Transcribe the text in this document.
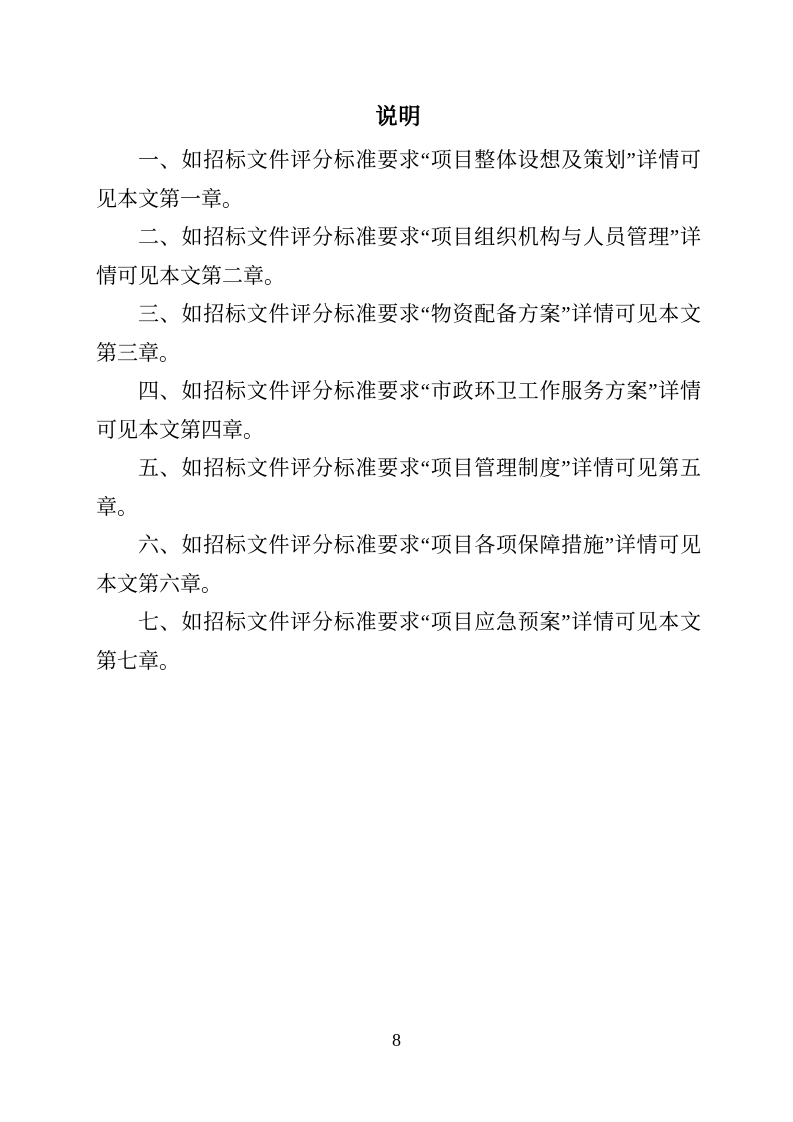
说明

一、如招标文件评分标准要求“项目整体设想及策划”详情可见本文第一章。

二、如招标文件评分标准要求“项目组织机构与人员管理”详情可见本文第二章。

三、如招标文件评分标准要求“物资配备方案”详情可见本文第三章。

四、如招标文件评分标准要求“市政环卫工作服务方案”详情可见本文第四章。

五、如招标文件评分标准要求“项目管理制度”详情可见第五章。

六、如招标文件评分标准要求“项目各项保障措施”详情可见本文第六章。

七、如招标文件评分标准要求“项目应急预案”详情可见本文第七章。

8
